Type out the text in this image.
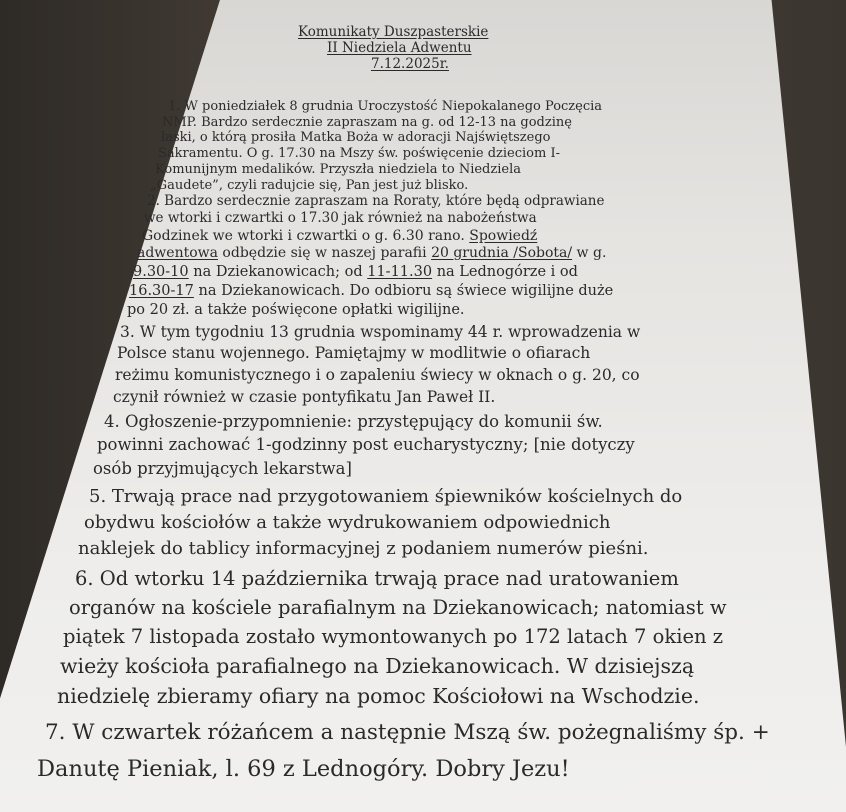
Komunikaty Duszpasterskie
II Niedziela Adwentu
7.12.2025r.
1. W poniedziałek 8 grudnia Uroczystość Niepokalanego Poczęcia
NMP. Bardzo serdecznie zapraszam na g. od 12-13 na godzinę
łaski, o którą prosiła Matka Boża w adoracji Najświętszego
Sakramentu. O g. 17.30 na Mszy św. poświęcenie dzieciom I-
Komunijnym medalików. Przyszła niedziela to Niedziela
„Gaudete”, czyli radujcie się, Pan jest już blisko.
2. Bardzo serdecznie zapraszam na Roraty, które będą odprawiane
we wtorki i czwartki o 17.30 jak również na nabożeństwa
Godzinek we wtorki i czwartki o g. 6.30 rano. Spowiedź
adwentowa odbędzie się w naszej parafii 20 grudnia /Sobota/ w g.
9.30-10 na Dziekanowicach; od 11-11.30 na Lednogórze i od
16.30-17 na Dziekanowicach. Do odbioru są świece wigilijne duże
po 20 zł. a także poświęcone opłatki wigilijne.
3. W tym tygodniu 13 grudnia wspominamy 44 r. wprowadzenia w
Polsce stanu wojennego. Pamiętajmy w modlitwie o ofiarach
reżimu komunistycznego i o zapaleniu świecy w oknach o g. 20, co
czynił również w czasie pontyfikatu Jan Paweł II.
4. Ogłoszenie-przypomnienie: przystępujący do komunii św.
powinni zachować 1-godzinny post eucharystyczny; [nie dotyczy
osób przyjmujących lekarstwa]
5. Trwają prace nad przygotowaniem śpiewników kościelnych do
obydwu kościołów a także wydrukowaniem odpowiednich
naklejek do tablicy informacyjnej z podaniem numerów pieśni.
6. Od wtorku 14 października trwają prace nad uratowaniem
organów na kościele parafialnym na Dziekanowicach; natomiast w
piątek 7 listopada zostało wymontowanych po 172 latach 7 okien z
wieży kościoła parafialnego na Dziekanowicach. W dzisiejszą
niedzielę zbieramy ofiary na pomoc Kościołowi na Wschodzie.
7. W czwartek różańcem a następnie Mszą św. pożegnaliśmy śp. +
Danutę Pieniak, l. 69 z Lednogóry. Dobry Jezu!
